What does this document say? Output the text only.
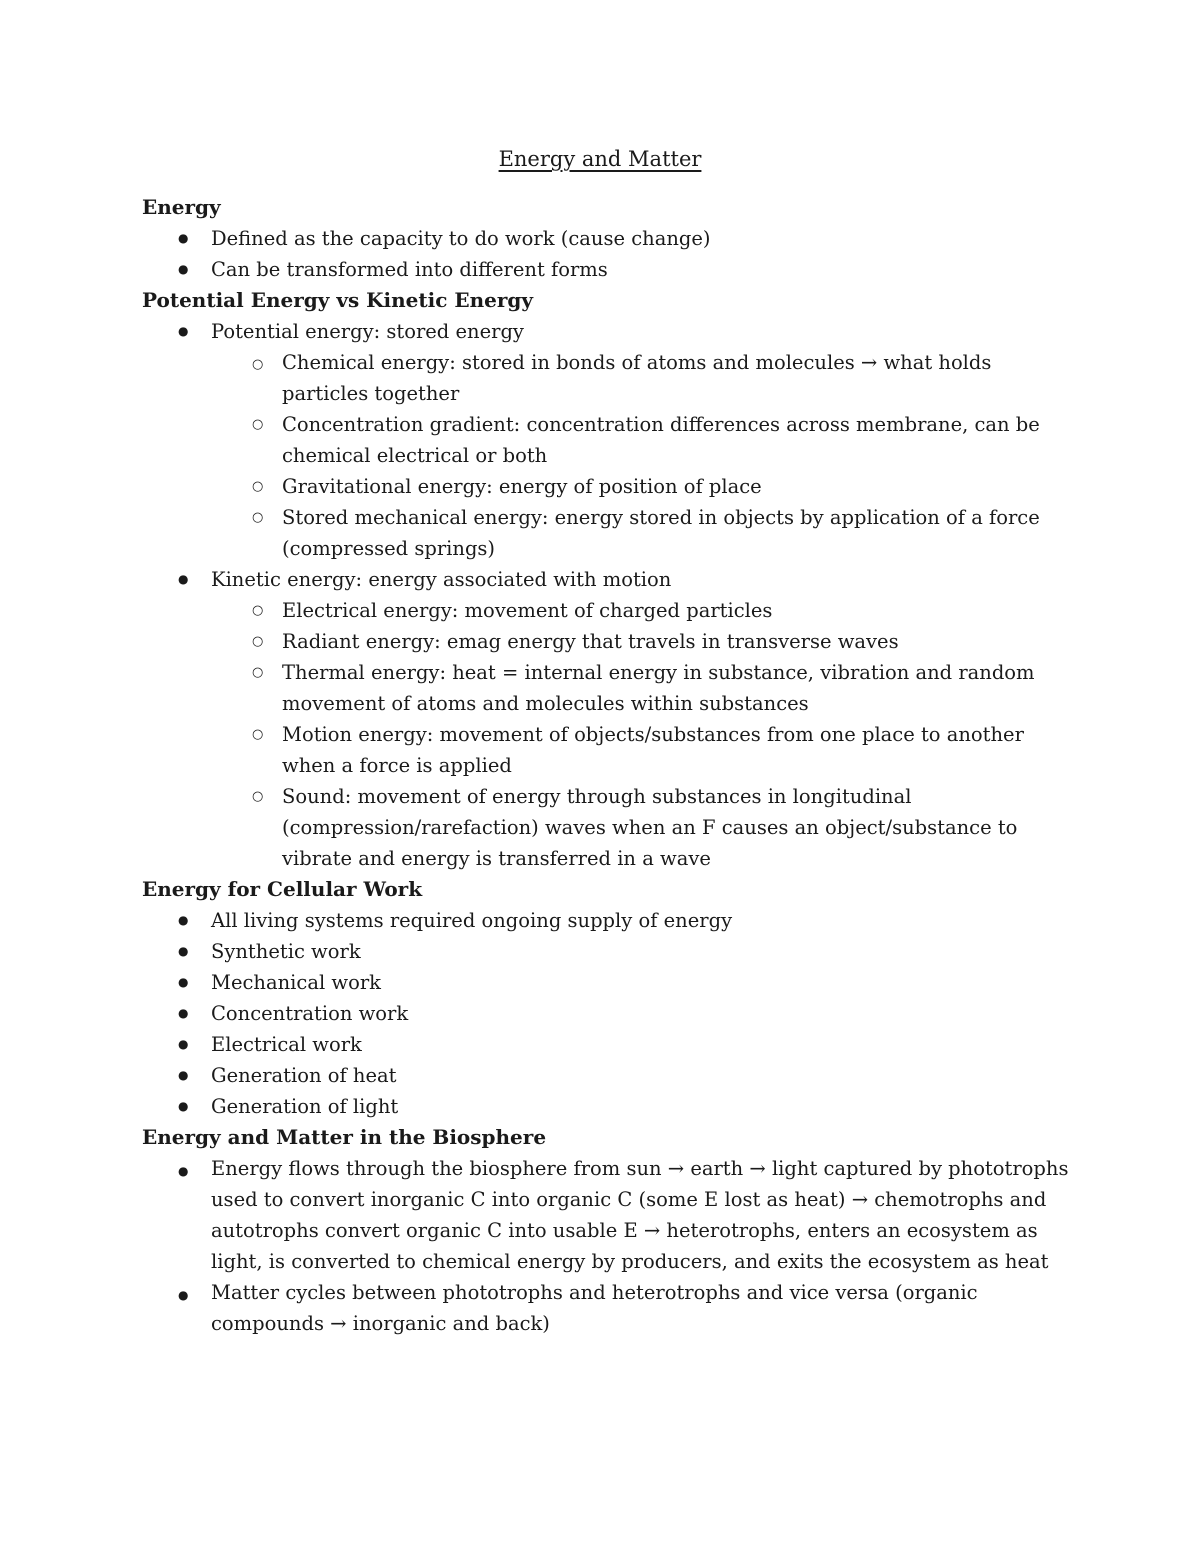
Energy and Matter
Energy
● Defined as the capacity to do work (cause change)
● Can be transformed into different forms
Potential Energy vs Kinetic Energy
● Potential energy: stored energy
○ Chemical energy: stored in bonds of atoms and molecules → what holds particles together
○ Concentration gradient: concentration differences across membrane, can be chemical electrical or both
○ Gravitational energy: energy of position of place
○ Stored mechanical energy: energy stored in objects by application of a force (compressed springs)
● Kinetic energy: energy associated with motion
○ Electrical energy: movement of charged particles
○ Radiant energy: emag energy that travels in transverse waves
○ Thermal energy: heat = internal energy in substance, vibration and random movement of atoms and molecules within substances
○ Motion energy: movement of objects/substances from one place to another when a force is applied
○ Sound: movement of energy through substances in longitudinal (compression/rarefaction) waves when an F causes an object/substance to vibrate and energy is transferred in a wave
Energy for Cellular Work
● All living systems required ongoing supply of energy
● Synthetic work
● Mechanical work
● Concentration work
● Electrical work
● Generation of heat
● Generation of light
Energy and Matter in the Biosphere
● Energy flows through the biosphere from sun → earth → light captured by phototrophs used to convert inorganic C into organic C (some E lost as heat) → chemotrophs and autotrophs convert organic C into usable E → heterotrophs, enters an ecosystem as light, is converted to chemical energy by producers, and exits the ecosystem as heat
● Matter cycles between phototrophs and heterotrophs and vice versa (organic compounds → inorganic and back)
